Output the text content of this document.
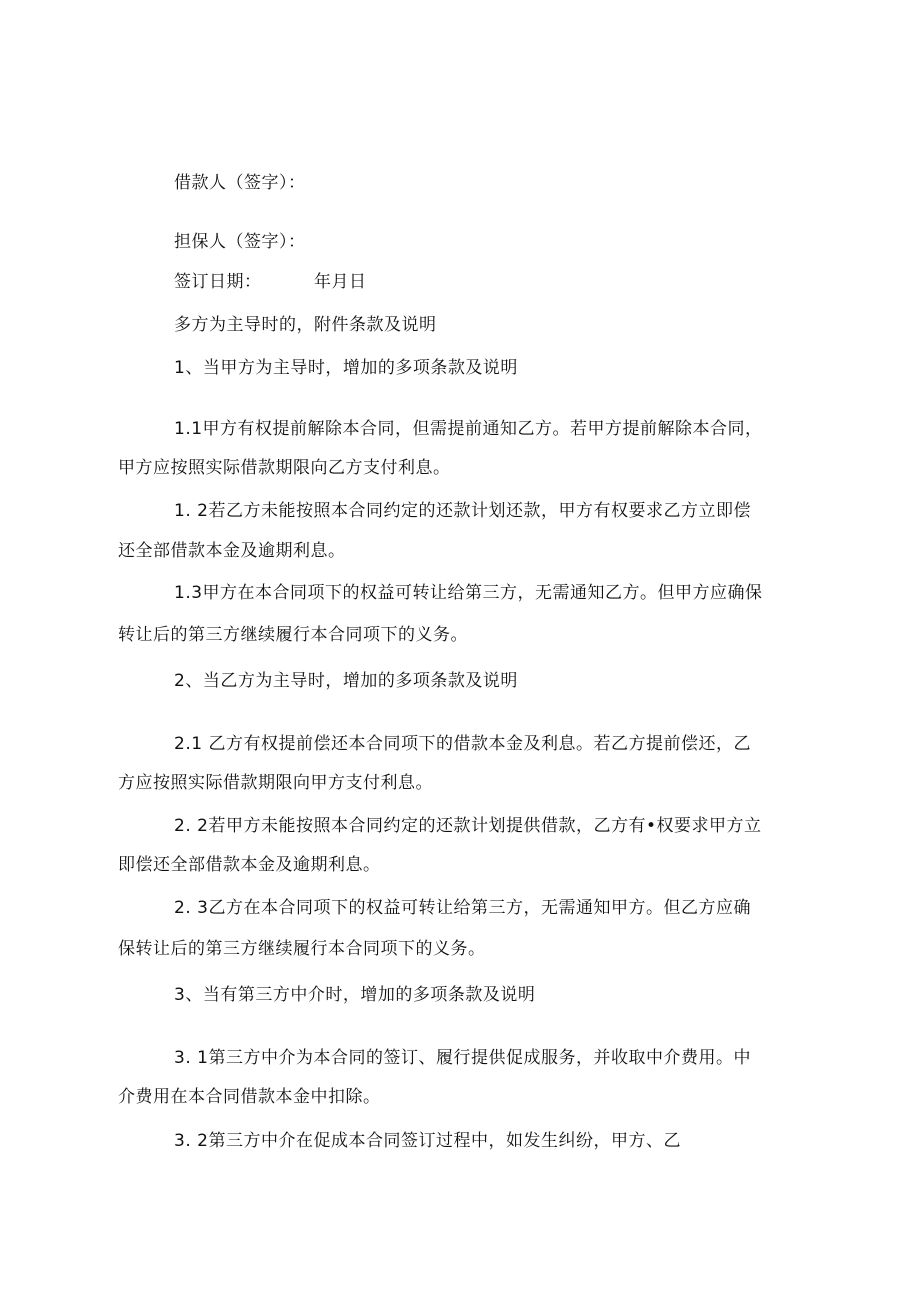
借款人（签字）：
担保人（签字）：
签订日期：	年月日
多方为主导时的，附件条款及说明
1、当甲方为主导时，增加的多项条款及说明
1.1甲方有权提前解除本合同，但需提前通知乙方。若甲方提前解除本合同，
甲方应按照实际借款期限向乙方支付利息。
1. 2若乙方未能按照本合同约定的还款计划还款，甲方有权要求乙方立即偿
还全部借款本金及逾期利息。
1.3甲方在本合同项下的权益可转让给第三方，无需通知乙方。但甲方应确保
转让后的第三方继续履行本合同项下的义务。
2、当乙方为主导时，增加的多项条款及说明
2.1 乙方有权提前偿还本合同项下的借款本金及利息。若乙方提前偿还，乙
方应按照实际借款期限向甲方支付利息。
2. 2若甲方未能按照本合同约定的还款计划提供借款，乙方有•权要求甲方立
即偿还全部借款本金及逾期利息。
2. 3乙方在本合同项下的权益可转让给第三方，无需通知甲方。但乙方应确
保转让后的第三方继续履行本合同项下的义务。
3、当有第三方中介时，增加的多项条款及说明
3. 1第三方中介为本合同的签订、履行提供促成服务，并收取中介费用。中
介费用在本合同借款本金中扣除。
3. 2第三方中介在促成本合同签订过程中，如发生纠纷，甲方、乙
